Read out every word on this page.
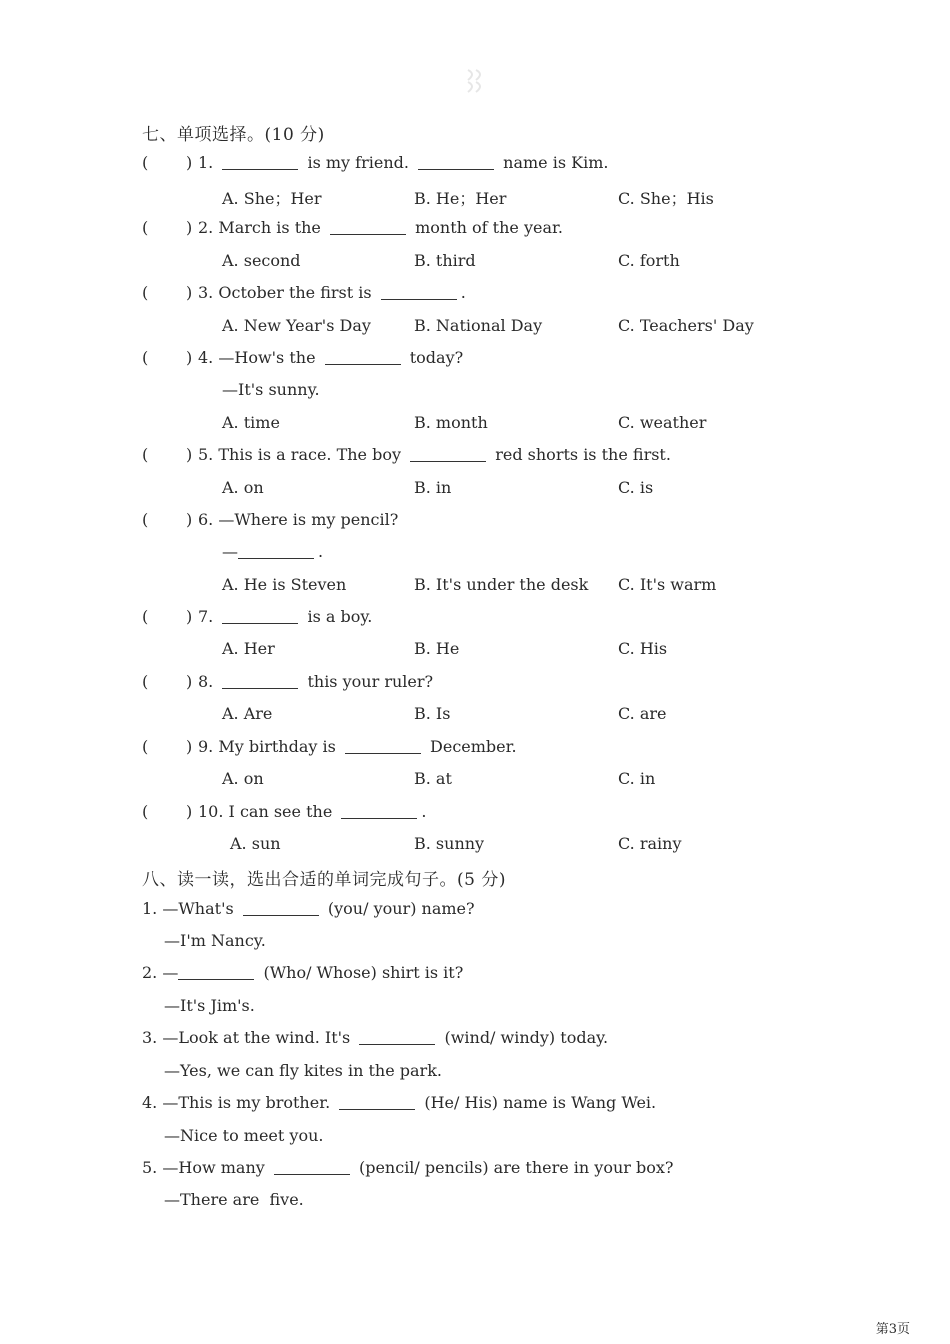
七、单项选择。(10 分)
( ) 1.	is my friend.	name is Kim.
A. She；Her	B. He；Her	C. She；His
( ) 2. March is the	month of the year.
A. second	B. third	C. forth
( ) 3. October the first is	.
A. New Year's Day	B. National Day	C. Teachers' Day
( ) 4. —How's the	today?
—It's sunny.
A. time	B. month	C. weather
( ) 5. This is a race. The boy	red shorts is the first.
A. on	B. in	C. is
( ) 6. —Where is my pencil?
—	.
A. He is Steven	B. It's under the desk C. It's warm
( ) 7.	is a boy.
A. Her	B. He	C. His
( ) 8.	this your ruler?
A. Are	B. Is	C. are
( ) 9. My birthday is	December.
A. on	B. at	C. in
( ) 10. I can see the	.
A. sun	B. sunny	C. rainy
八、读一读，选出合适的单词完成句子。(5 分)
1. —What's	(you/ your) name?
—I'm Nancy.
2. —	(Who/ Whose) shirt is it?
—It's Jim's.
3. —Look at the wind. It's	(wind/ windy) today.
—Yes, we can fly kites in the park.
4. —This is my brother.	(He/ His) name is Wang Wei.
—Nice to meet you.
5. —How many	(pencil/ pencils) are there in your box?
—There are  five.
第3页
